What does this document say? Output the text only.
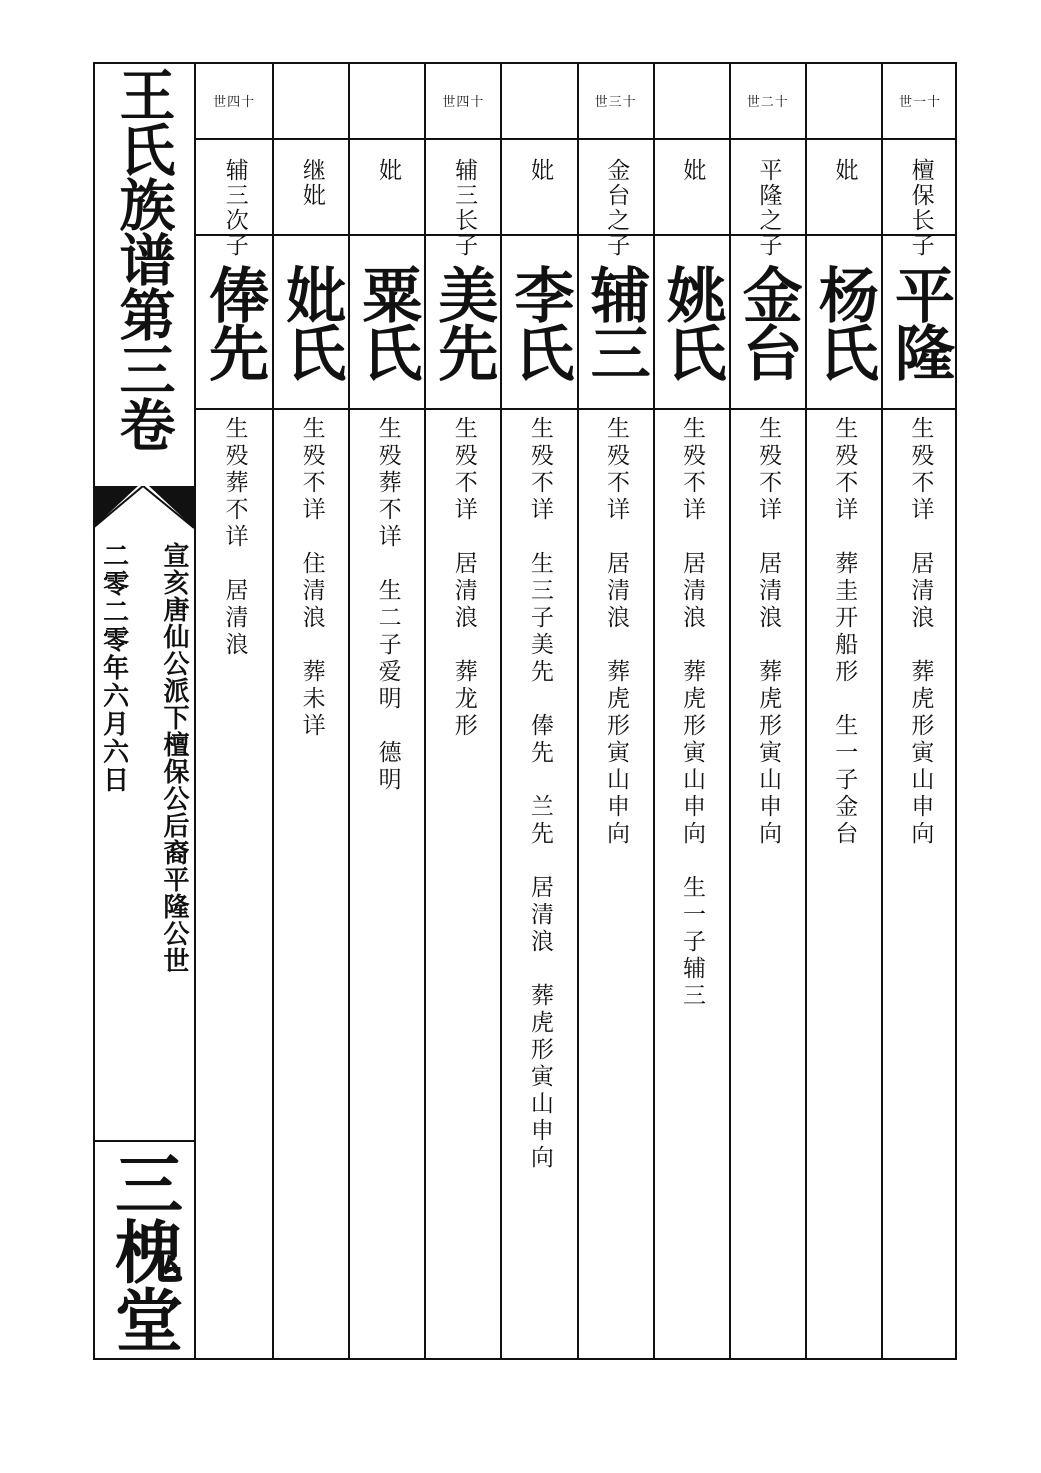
王氏族谱第三卷
宣亥唐仙公派下檀保公后裔平隆公世
二零二零年六月六日
三槐堂
世一十
檀保长子
平隆
生殁不详　居清浪　葬虎形寅山申向
妣
杨氏
生殁不详　葬圭开船形　生一子金台
世二十
平隆之子
金台
生殁不详　居清浪　葬虎形寅山申向
妣
姚氏
生殁不详　居清浪　葬虎形寅山申向　生一子辅三
世三十
金台之子
辅三
生殁不详　居清浪　葬虎形寅山申向
妣
李氏
生殁不详　生三子美先　俸先　兰先　居清浪　葬虎形寅山申向
世四十
辅三长子
美先
生殁不详　居清浪　葬龙形
妣
粟氏
生殁葬不详　生二子爱明　德明
继妣
妣氏
生殁不详　住清浪　葬未详
世四十
辅三次子
俸先
生殁葬不详　居清浪
